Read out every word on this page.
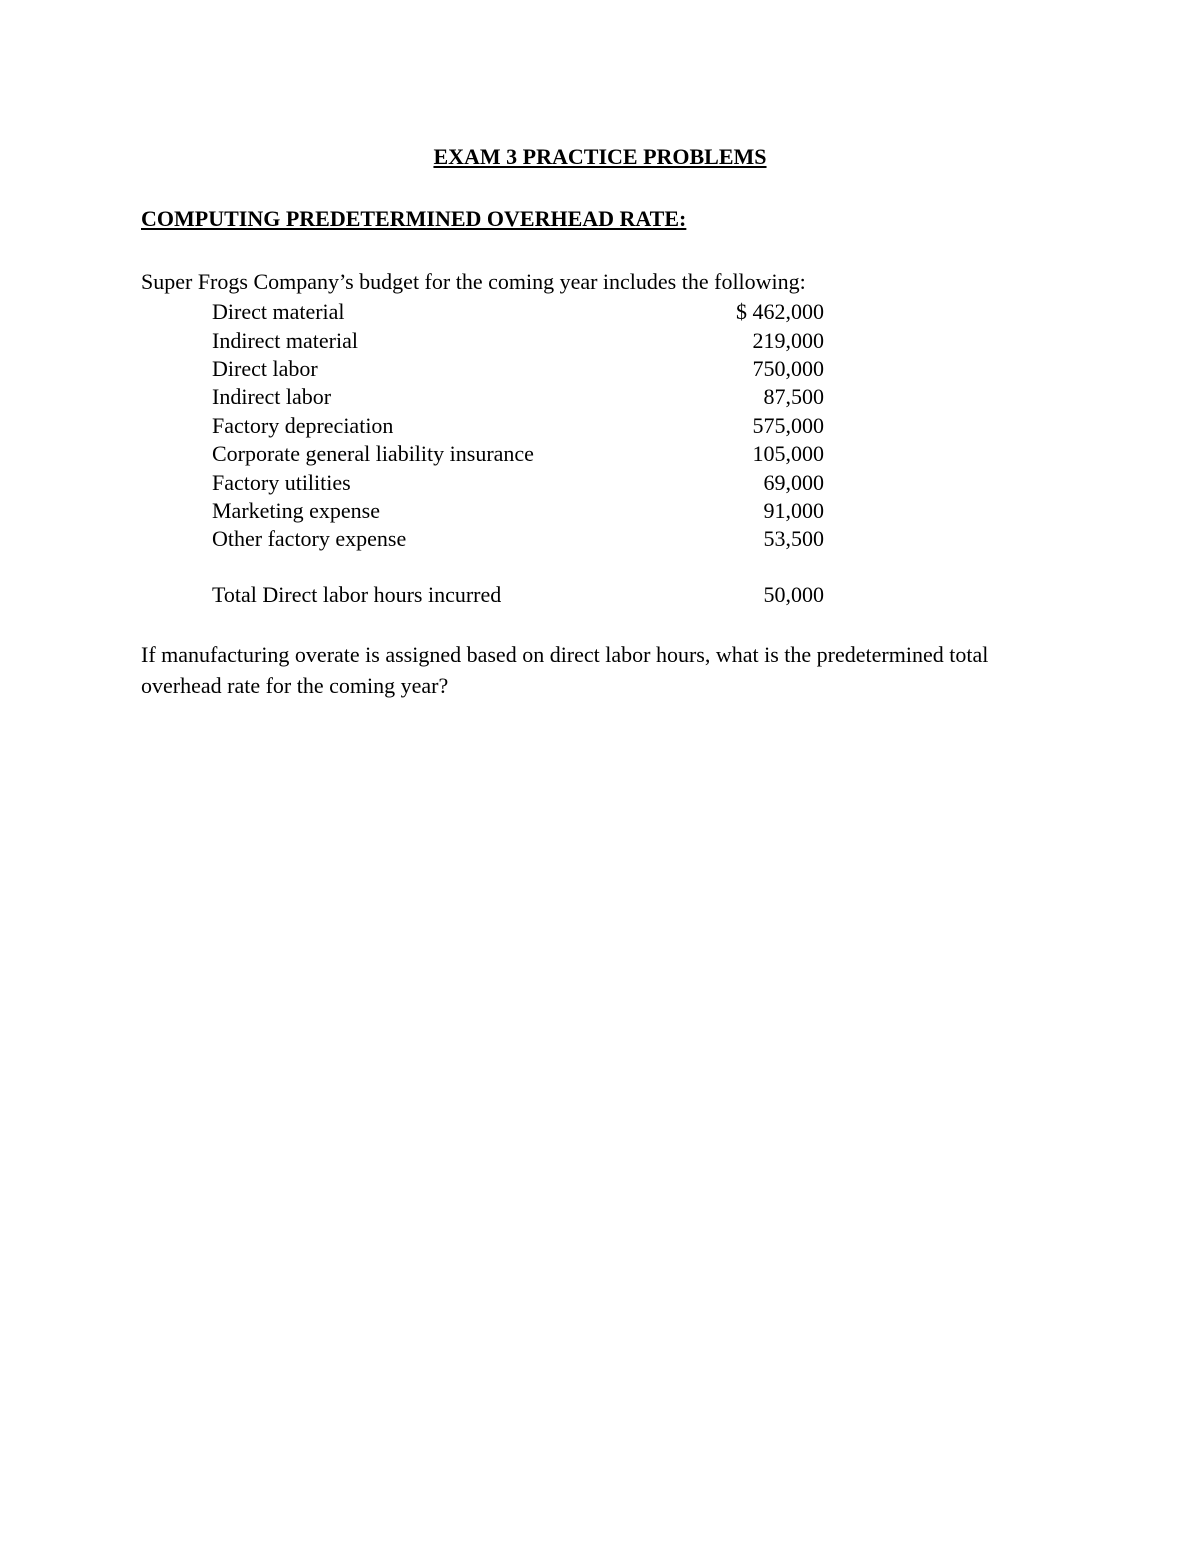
EXAM 3 PRACTICE PROBLEMS
COMPUTING PREDETERMINED OVERHEAD RATE:
Super Frogs Company’s budget for the coming year includes the following:
Direct material	$ 462,000
Indirect material	219,000
Direct labor	750,000
Indirect labor	87,500
Factory depreciation	575,000
Corporate general liability insurance	105,000
Factory utilities	69,000
Marketing expense	91,000
Other factory expense	53,500
Total Direct labor hours incurred	50,000
If manufacturing overate is assigned based on direct labor hours, what is the predetermined total overhead rate for the coming year?
